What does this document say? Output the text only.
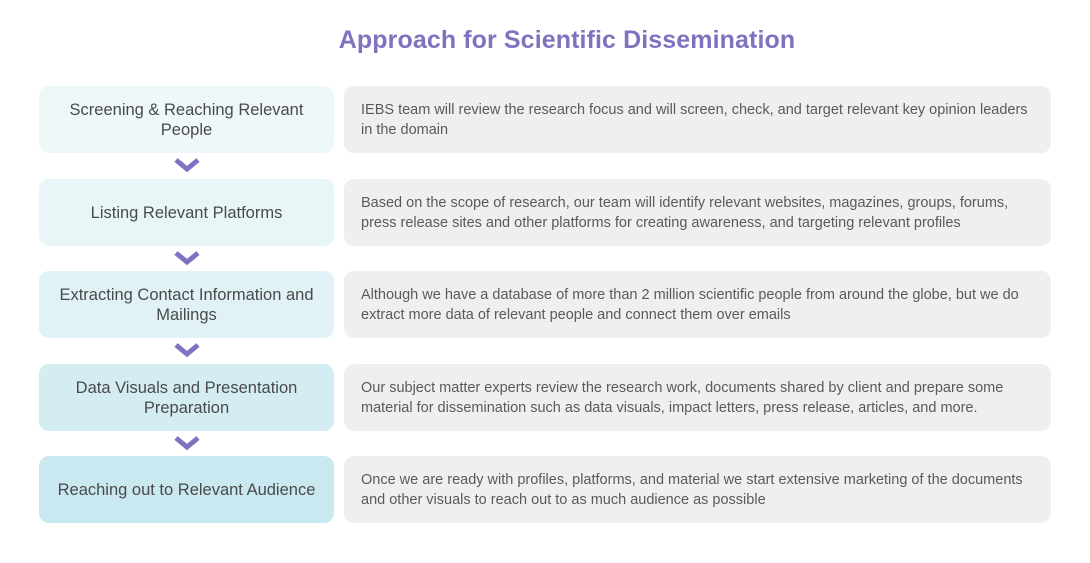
Approach for Scientific Dissemination
Screening & Reaching Relevant People
IEBS team will review the research focus and will screen, check, and target relevant key opinion leaders in the domain
Listing Relevant Platforms
Based on the scope of research, our team will identify relevant websites, magazines, groups, forums, press release sites and other platforms for creating awareness, and targeting relevant profiles
Extracting Contact Information and Mailings
Although we have a database of more than 2 million scientific people from around the globe, but we do extract more data of relevant people and connect them over emails
Data Visuals and Presentation Preparation
Our subject matter experts review the research work, documents shared by client and prepare some material for dissemination such as data visuals, impact letters, press release, articles, and more.
Reaching out to Relevant Audience
Once we are ready with profiles, platforms, and material we start extensive marketing of the documents and other visuals to reach out to as much audience as possible
